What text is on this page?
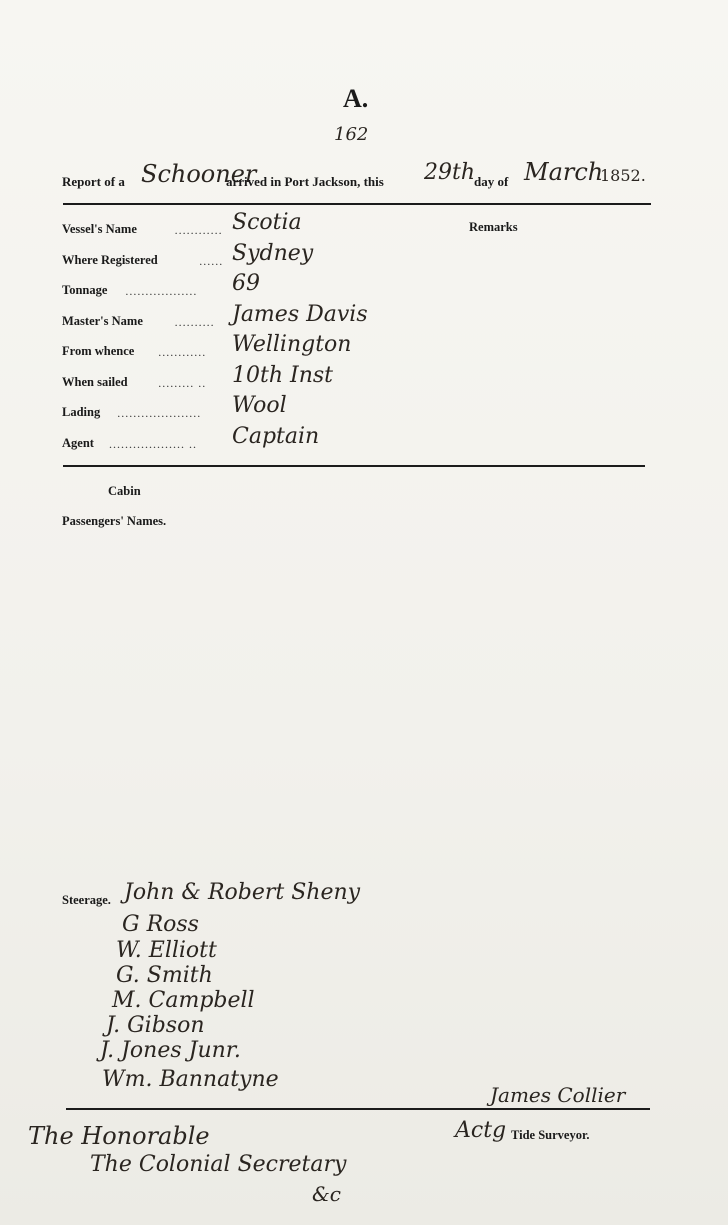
A.
162
Report of a Schooner
arrived in Port Jackson, this 29th
day of March
1852.
Vessel's Name	............ Scotia
Where Registered	...... Sydney
Tonnage .................. 69
Master's Name	.......... James Davis
From whence ............ Wellington
When sailed	......... .. 10th Inst
Lading ..................... Wool
Agent ................... .. Captain
Remarks
Cabin
Passengers' Names.
Steerage. John & Robert Sheny
G Ross
W. Elliott
G. Smith
M. Campbell
J. Gibson
J. Jones Junr.
Wm. Bannatyne
James Collier
Actg Tide Surveyor.
The Honorable
The Colonial Secretary
&c
